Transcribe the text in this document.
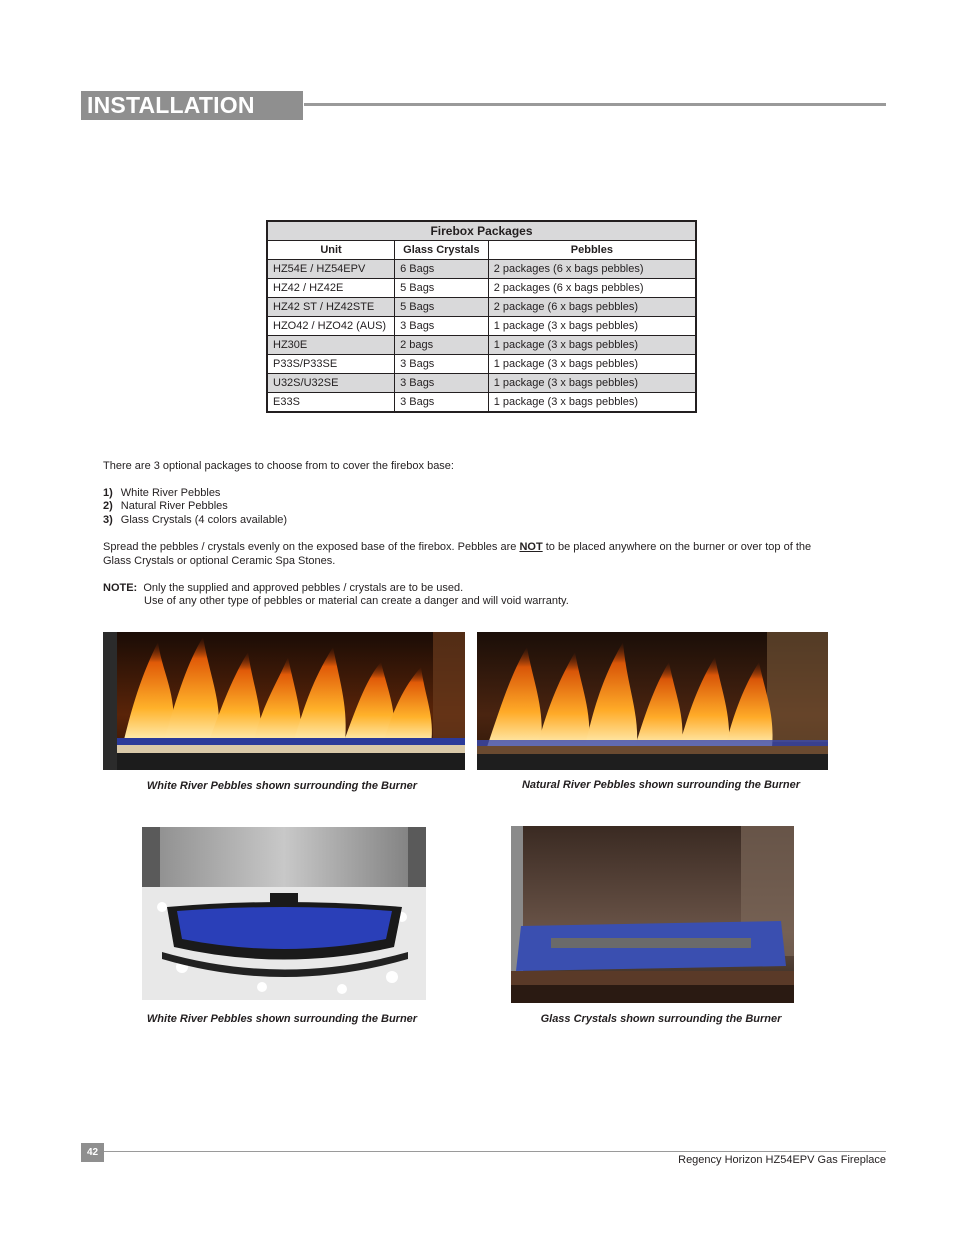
INSTALLATION
Firebox Packages		
Unit	Glass Crystals	Pebbles
HZ54E / HZ54EPV	6 Bags	2 packages (6 x bags pebbles)
HZ42 / HZ42E	5 Bags	2 packages (6 x bags pebbles)
HZ42 ST / HZ42STE	5 Bags	2 package (6 x bags pebbles)
HZO42 / HZO42 (AUS)	3 Bags	1 package (3 x bags pebbles)
HZ30E	2 bags	1 package (3 x bags pebbles)
P33S/P33SE	3 Bags	1 package (3 x bags pebbles)
U32S/U32SE	3 Bags	1 package (3 x bags pebbles)
E33S	3 Bags	1 package (3 x bags pebbles)
There are 3 optional packages to choose from to cover the firebox base:
1) White River Pebbles
2) Natural River Pebbles
3) Glass Crystals (4 colors available)
Spread the pebbles / crystals evenly on the exposed base of the firebox. Pebbles are NOT to be placed anywhere on the burner or over top of the Glass Crystals or optional Ceramic Spa Stones.
NOTE: Only the supplied and approved pebbles / crystals are to be used.
Use of any other type of pebbles or material can create a danger and will void warranty.
White River Pebbles shown surrounding the Burner	Natural River Pebbles shown surrounding the Burner
White River Pebbles shown surrounding the Burner	Glass Crystals shown surrounding the Burner
42
Regency Horizon HZ54EPV Gas Fireplace
